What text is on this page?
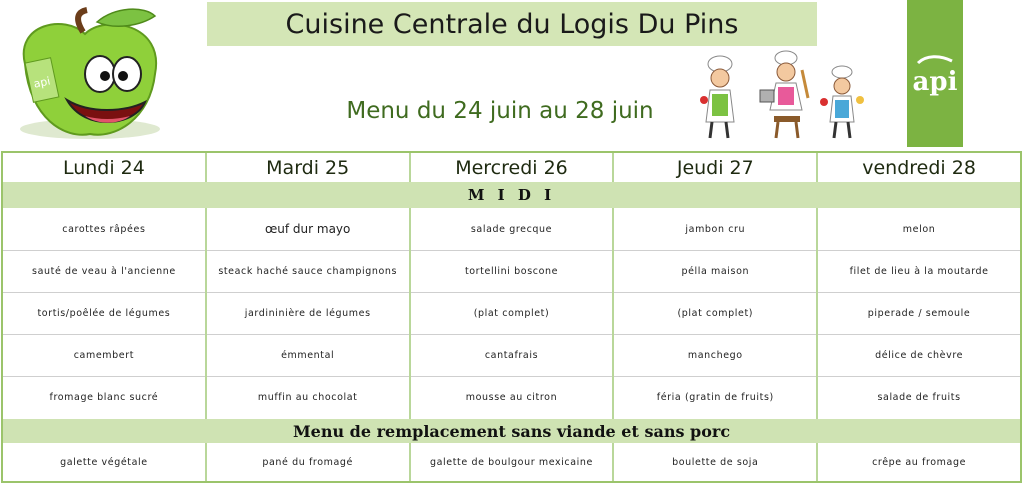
api
Cuisine Centrale du Logis Du Pins
Menu du 24 juin au 28 juin
api
Lundi 24	Mardi 25	Mercredi 26	Jeudi 27	vendredi 28
M I D I
carottes râpées	œuf dur mayo	salade grecque	jambon cru	melon
sauté de veau à l'ancienne	steack haché sauce champignons	tortellini boscone	pélla maison	filet de lieu à la moutarde
tortis/poêlée de légumes	jardininière de légumes	(plat complet)	(plat complet)	piperade / semoule
camembert	émmental	cantafrais	manchego	délice de chèvre
fromage blanc sucré	muffin au chocolat	mousse au citron	féria (gratin de fruits)	salade de fruits
Menu de remplacement sans viande et sans porc
galette végétale	pané du fromagé	galette de boulgour mexicaine	boulette de soja	crêpe au fromage
